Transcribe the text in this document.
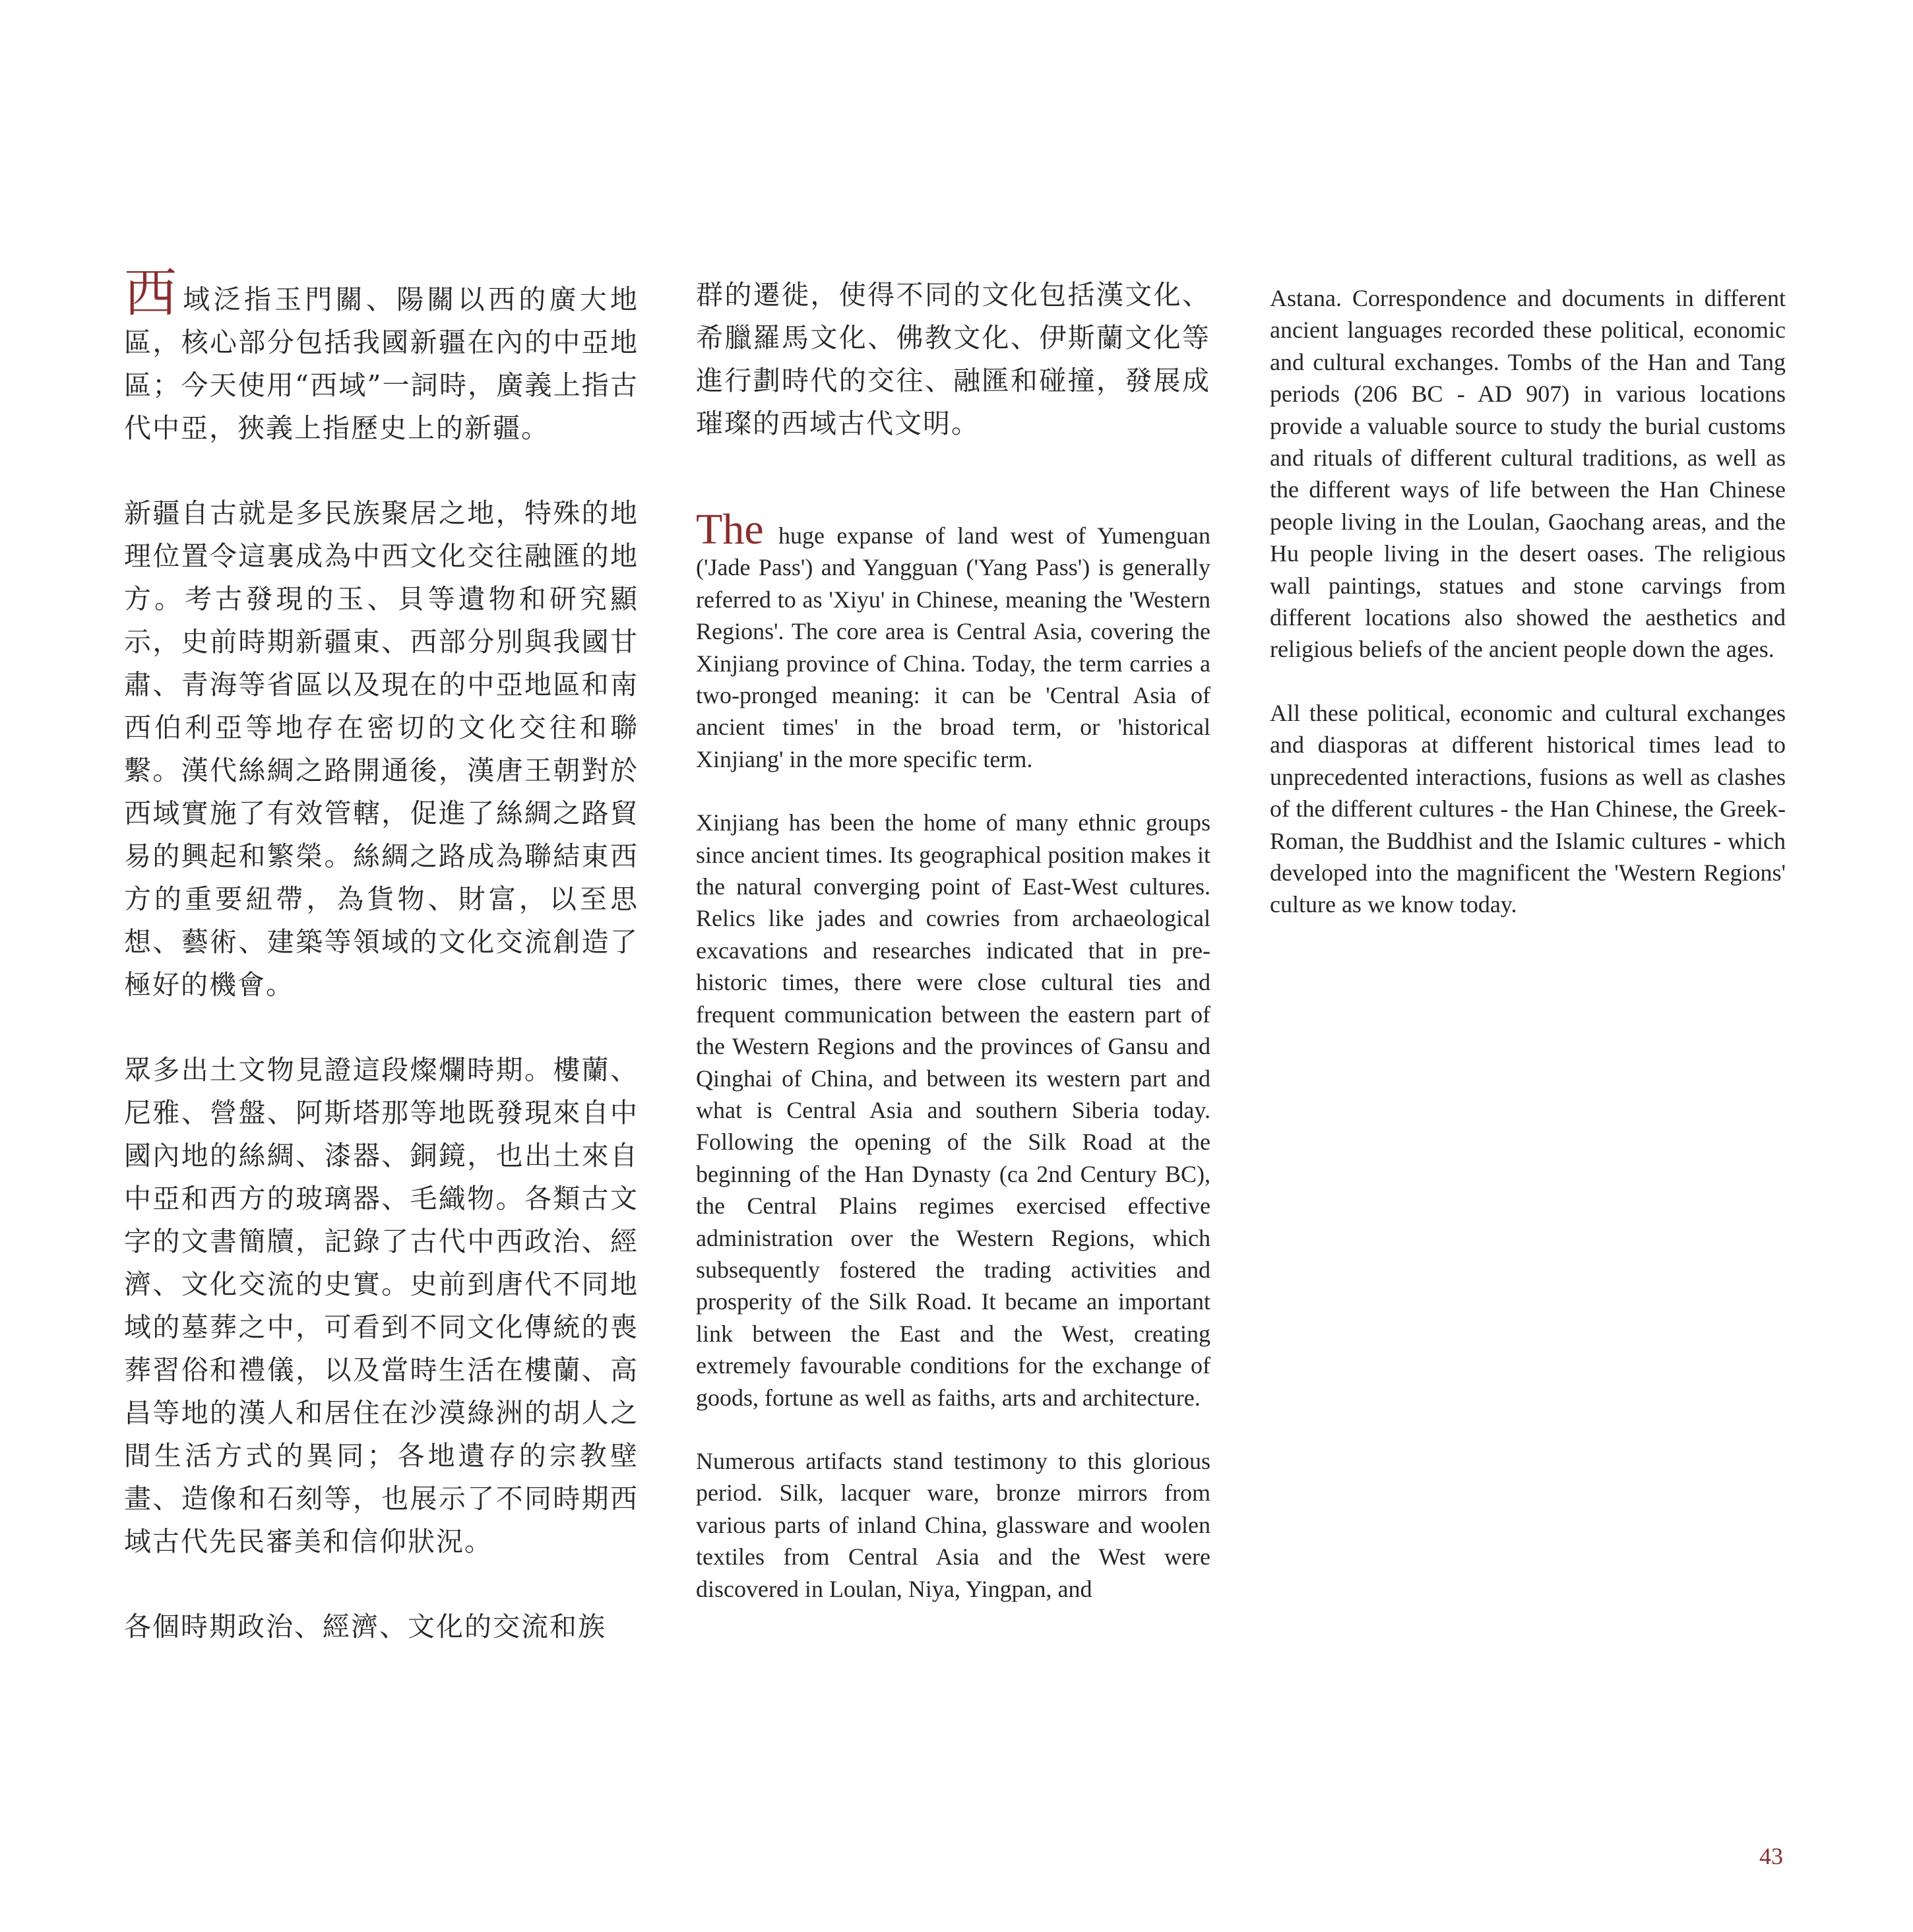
西域泛指玉門關、陽關以西的廣大地區，核心部分包括我國新疆在內的中亞地區；今天使用“西域”一詞時，廣義上指古代中亞，狹義上指歷史上的新疆。

新疆自古就是多民族聚居之地，特殊的地理位置令這裏成為中西文化交往融匯的地方。考古發現的玉、貝等遺物和研究顯示，史前時期新疆東、西部分別與我國甘肅、青海等省區以及現在的中亞地區和南西伯利亞等地存在密切的文化交往和聯繫。漢代絲綢之路開通後，漢唐王朝對於西域實施了有效管轄，促進了絲綢之路貿易的興起和繁榮。絲綢之路成為聯結東西方的重要紐帶，為貨物、財富，以至思想、藝術、建築等領域的文化交流創造了極好的機會。

眾多出土文物見證這段燦爛時期。樓蘭、尼雅、營盤、阿斯塔那等地既發現來自中國內地的絲綢、漆器、銅鏡，也出土來自中亞和西方的玻璃器、毛織物。各類古文字的文書簡牘，記錄了古代中西政治、經濟、文化交流的史實。史前到唐代不同地域的墓葬之中，可看到不同文化傳統的喪葬習俗和禮儀，以及當時生活在樓蘭、高昌等地的漢人和居住在沙漠綠洲的胡人之間生活方式的異同；各地遺存的宗教壁畫、造像和石刻等，也展示了不同時期西域古代先民審美和信仰狀況。

各個時期政治、經濟、文化的交流和族

群的遷徙，使得不同的文化包括漢文化、希臘羅馬文化、佛教文化、伊斯蘭文化等進行劃時代的交往、融匯和碰撞，發展成璀璨的西域古代文明。

The huge expanse of land west of Yumenguan ('Jade Pass') and Yangguan ('Yang Pass') is generally referred to as 'Xiyu' in Chinese, meaning the 'Western Regions'. The core area is Central Asia, covering the Xinjiang province of China. Today, the term carries a two-pronged meaning: it can be 'Central Asia of ancient times' in the broad term, or 'historical Xinjiang' in the more specific term.

Xinjiang has been the home of many ethnic groups since ancient times. Its geographical position makes it the natural converging point of East-West cultures. Relics like jades and cowries from archaeological excavations and researches indicated that in pre-historic times, there were close cultural ties and frequent communication between the eastern part of the Western Regions and the provinces of Gansu and Qinghai of China, and between its western part and what is Central Asia and southern Siberia today. Following the opening of the Silk Road at the beginning of the Han Dynasty (ca 2nd Century BC), the Central Plains regimes exercised effective administration over the Western Regions, which subsequently fostered the trading activities and prosperity of the Silk Road. It became an important link between the East and the West, creating extremely favourable conditions for the exchange of goods, fortune as well as faiths, arts and architecture.

Numerous artifacts stand testimony to this glorious period. Silk, lacquer ware, bronze mirrors from various parts of inland China, glassware and woolen textiles from Central Asia and the West were discovered in Loulan, Niya, Yingpan, and

Astana. Correspondence and documents in different ancient languages recorded these political, economic and cultural exchanges. Tombs of the Han and Tang periods (206 BC - AD 907) in various locations provide a valuable source to study the burial customs and rituals of different cultural traditions, as well as the different ways of life between the Han Chinese people living in the Loulan, Gaochang areas, and the Hu people living in the desert oases. The religious wall paintings, statues and stone carvings from different locations also showed the aesthetics and religious beliefs of the ancient people down the ages.

All these political, economic and cultural exchanges and diasporas at different historical times lead to unprecedented interactions, fusions as well as clashes of the different cultures - the Han Chinese, the Greek-Roman, the Buddhist and the Islamic cultures - which developed into the magnificent the 'Western Regions' culture as we know today.

43
